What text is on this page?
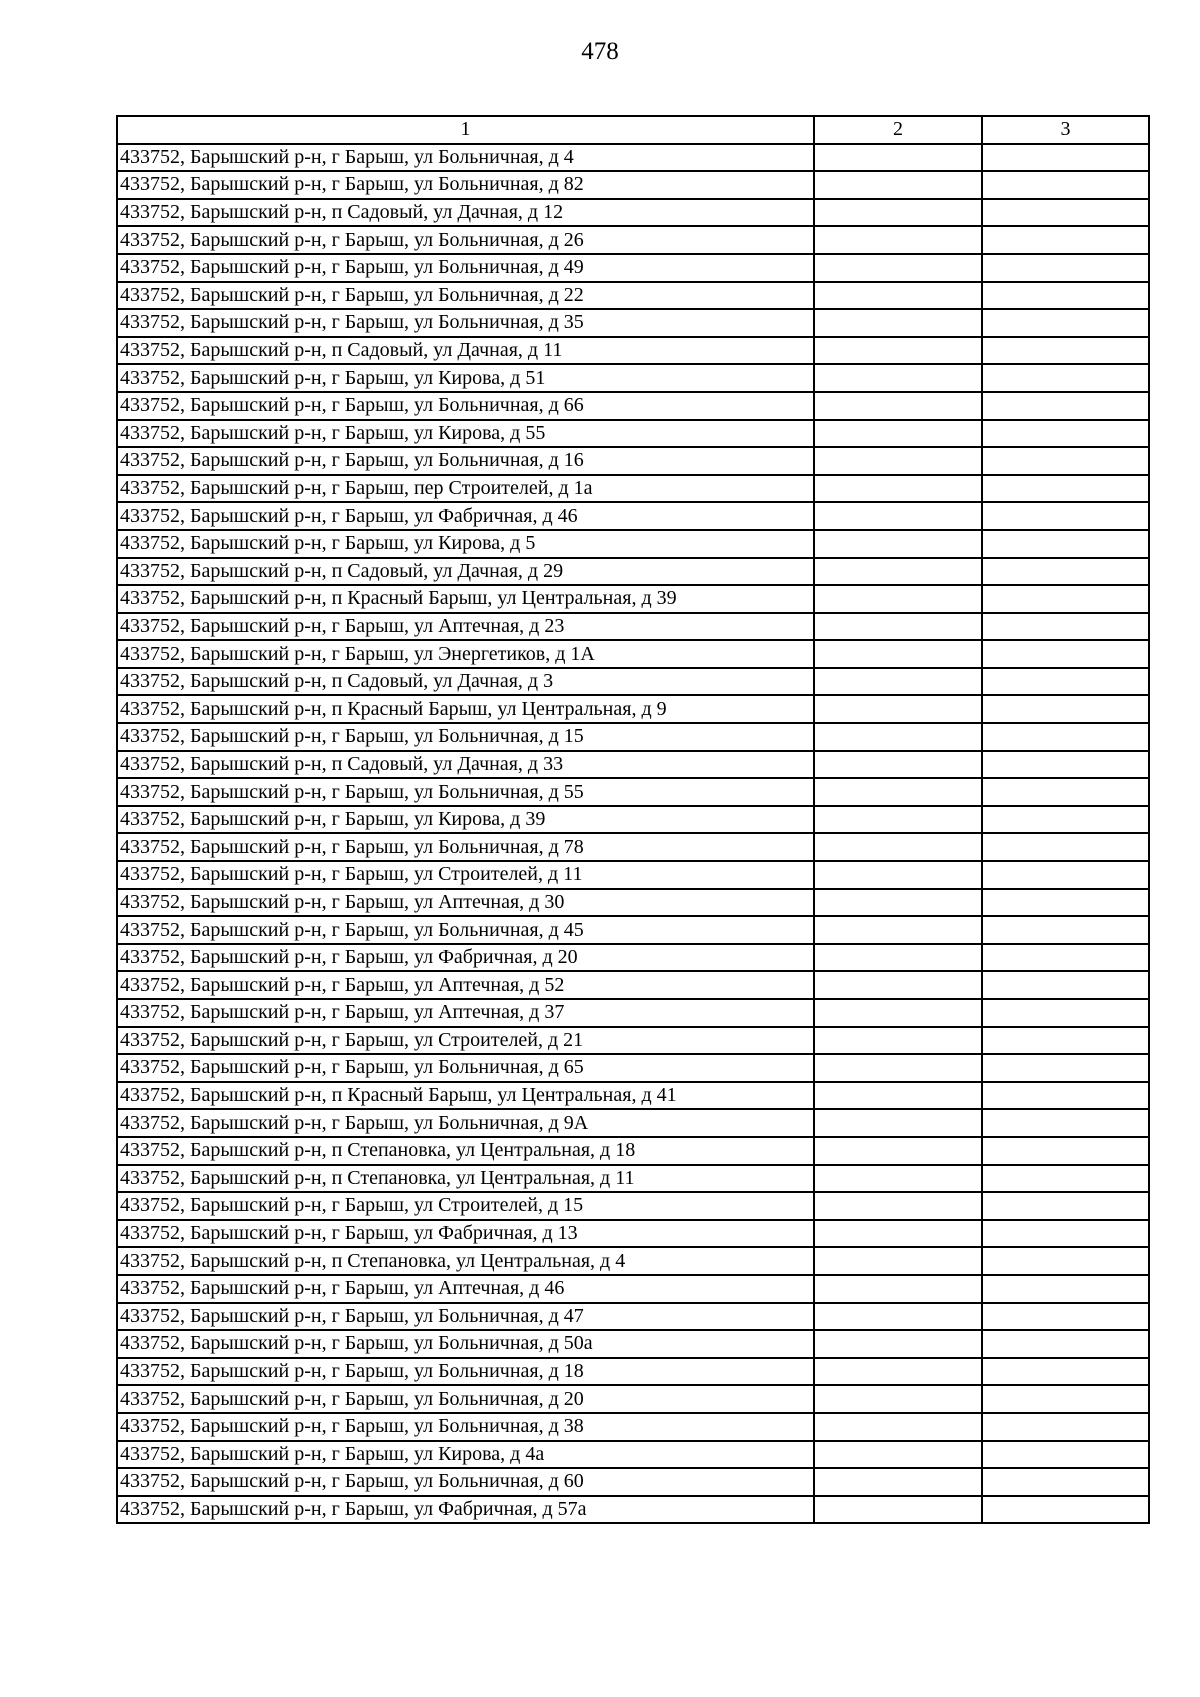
478
1	2	3
433752, Барышский р-н, г Барыш, ул Больничная, д 4		
433752, Барышский р-н, г Барыш, ул Больничная, д 82		
433752, Барышский р-н, п Садовый, ул Дачная, д 12		
433752, Барышский р-н, г Барыш, ул Больничная, д 26		
433752, Барышский р-н, г Барыш, ул Больничная, д 49		
433752, Барышский р-н, г Барыш, ул Больничная, д 22		
433752, Барышский р-н, г Барыш, ул Больничная, д 35		
433752, Барышский р-н, п Садовый, ул Дачная, д 11		
433752, Барышский р-н, г Барыш, ул Кирова, д 51		
433752, Барышский р-н, г Барыш, ул Больничная, д 66		
433752, Барышский р-н, г Барыш, ул Кирова, д 55		
433752, Барышский р-н, г Барыш, ул Больничная, д 16		
433752, Барышский р-н, г Барыш, пер Строителей, д 1а		
433752, Барышский р-н, г Барыш, ул Фабричная, д 46		
433752, Барышский р-н, г Барыш, ул Кирова, д 5		
433752, Барышский р-н, п Садовый, ул Дачная, д 29		
433752, Барышский р-н, п Красный Барыш, ул Центральная, д 39		
433752, Барышский р-н, г Барыш, ул Аптечная, д 23		
433752, Барышский р-н, г Барыш, ул Энергетиков, д 1А		
433752, Барышский р-н, п Садовый, ул Дачная, д 3		
433752, Барышский р-н, п Красный Барыш, ул Центральная, д 9		
433752, Барышский р-н, г Барыш, ул Больничная, д 15		
433752, Барышский р-н, п Садовый, ул Дачная, д 33		
433752, Барышский р-н, г Барыш, ул Больничная, д 55		
433752, Барышский р-н, г Барыш, ул Кирова, д 39		
433752, Барышский р-н, г Барыш, ул Больничная, д 78		
433752, Барышский р-н, г Барыш, ул Строителей, д 11		
433752, Барышский р-н, г Барыш, ул Аптечная, д 30		
433752, Барышский р-н, г Барыш, ул Больничная, д 45		
433752, Барышский р-н, г Барыш, ул Фабричная, д 20		
433752, Барышский р-н, г Барыш, ул Аптечная, д 52		
433752, Барышский р-н, г Барыш, ул Аптечная, д 37		
433752, Барышский р-н, г Барыш, ул Строителей, д 21		
433752, Барышский р-н, г Барыш, ул Больничная, д 65		
433752, Барышский р-н, п Красный Барыш, ул Центральная, д 41		
433752, Барышский р-н, г Барыш, ул Больничная, д 9А		
433752, Барышский р-н, п Степановка, ул Центральная, д 18		
433752, Барышский р-н, п Степановка, ул Центральная, д 11		
433752, Барышский р-н, г Барыш, ул Строителей, д 15		
433752, Барышский р-н, г Барыш, ул Фабричная, д 13		
433752, Барышский р-н, п Степановка, ул Центральная, д 4		
433752, Барышский р-н, г Барыш, ул Аптечная, д 46		
433752, Барышский р-н, г Барыш, ул Больничная, д 47		
433752, Барышский р-н, г Барыш, ул Больничная, д 50а		
433752, Барышский р-н, г Барыш, ул Больничная, д 18		
433752, Барышский р-н, г Барыш, ул Больничная, д 20		
433752, Барышский р-н, г Барыш, ул Больничная, д 38		
433752, Барышский р-н, г Барыш, ул Кирова, д 4а		
433752, Барышский р-н, г Барыш, ул Больничная, д 60		
433752, Барышский р-н, г Барыш, ул Фабричная, д 57а		
